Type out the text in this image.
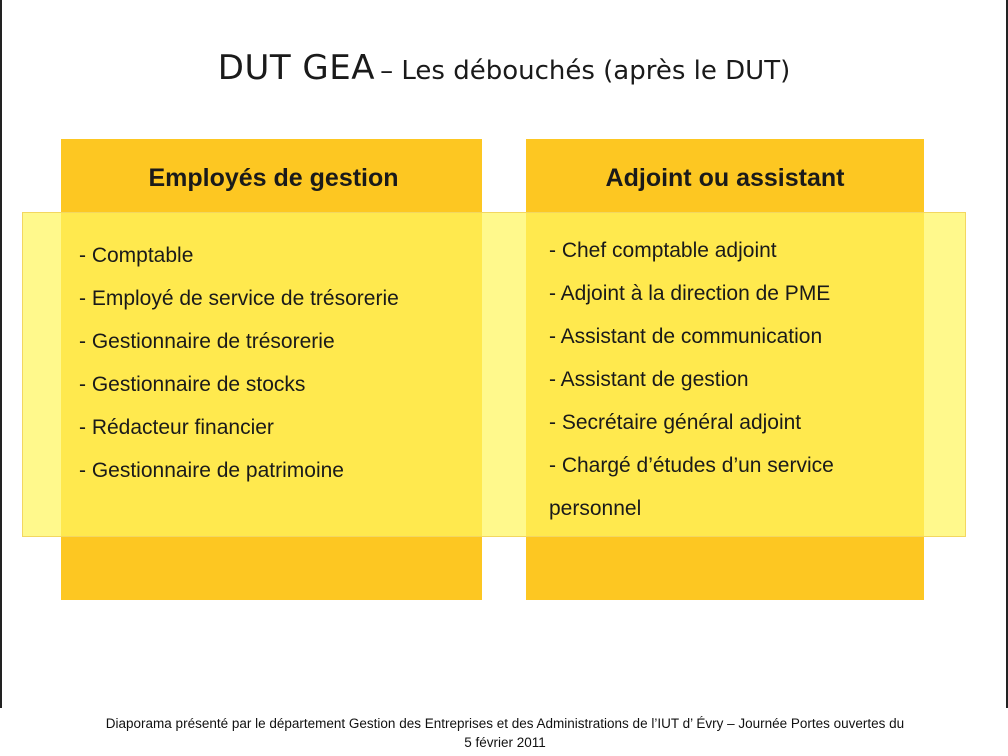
DUT GEA – Les débouchés (après le DUT)
Employés de gestion	Adjoint ou assistant
- Comptable
- Employé de service de trésorerie
- Gestionnaire de trésorerie
- Gestionnaire de stocks
- Rédacteur financier
- Gestionnaire de patrimoine
- Chef comptable adjoint
- Adjoint à la direction de PME
- Assistant de communication
- Assistant de gestion
- Secrétaire général adjoint
- Chargé d’études d’un service
personnel
Diaporama présenté par le département Gestion des Entreprises et des Administrations de l’IUT d’ Évry – Journée Portes ouvertes du
5 février 2011
